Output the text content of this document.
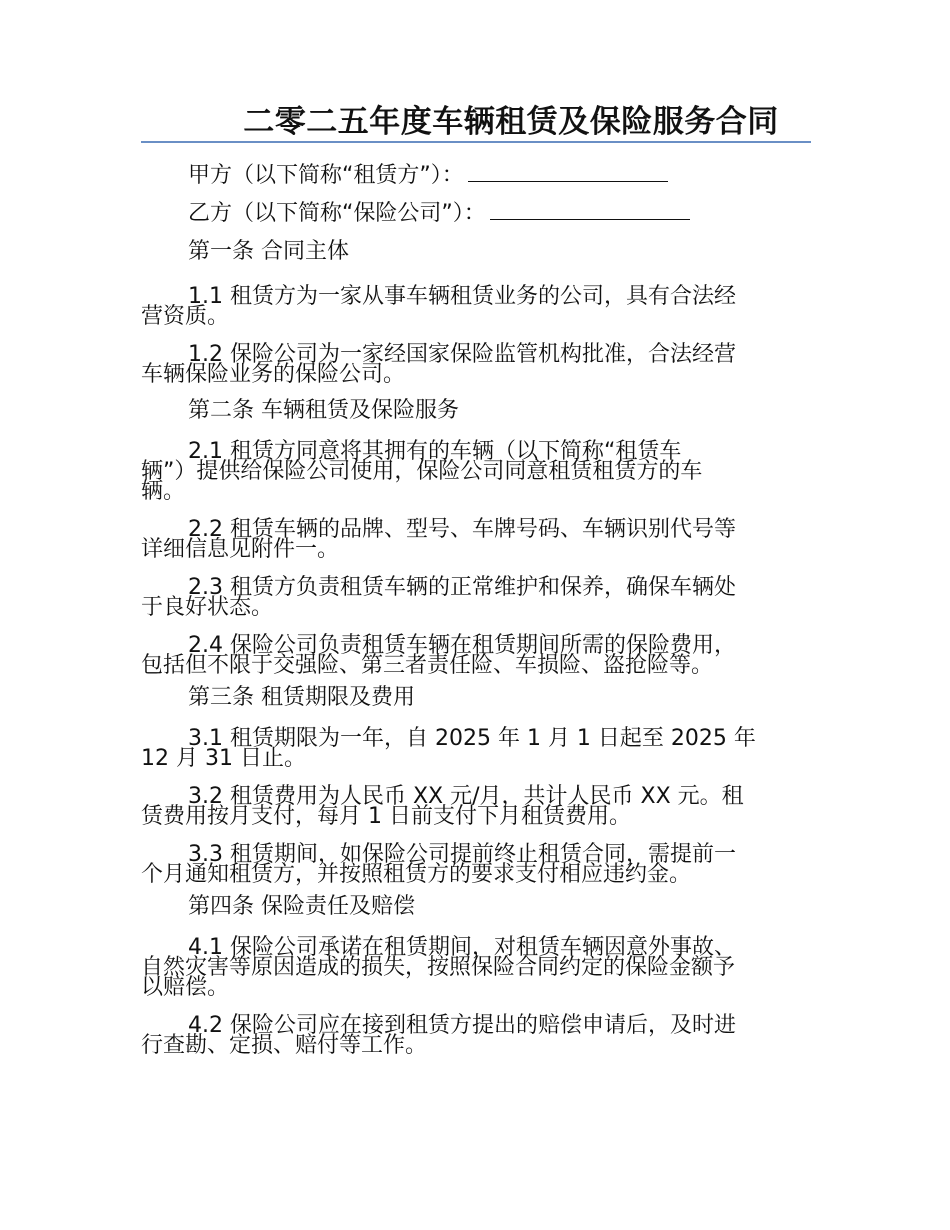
二零二五年度车辆租赁及保险服务合同

甲方（以下简称“租赁方”）：

乙方（以下简称“保险公司”）：

第一条 合同主体

1.1 租赁方为一家从事车辆租赁业务的公司，具有合法经
营资质。
1.2 保险公司为一家经国家保险监管机构批准，合法经营
车辆保险业务的保险公司。

第二条 车辆租赁及保险服务

2.1 租赁方同意将其拥有的车辆（以下简称“租赁车
辆”）提供给保险公司使用，保险公司同意租赁租赁方的车
辆。
2.2 租赁车辆的品牌、型号、车牌号码、车辆识别代号等
详细信息见附件一。
2.3 租赁方负责租赁车辆的正常维护和保养，确保车辆处
于良好状态。
2.4 保险公司负责租赁车辆在租赁期间所需的保险费用，
包括但不限于交强险、第三者责任险、车损险、盗抢险等。

第三条 租赁期限及费用

3.1 租赁期限为一年，自 2025 年 1 月 1 日起至 2025 年
12 月 31 日止。
3.2 租赁费用为人民币 XX 元/月，共计人民币 XX 元。租
赁费用按月支付，每月 1 日前支付下月租赁费用。
3.3 租赁期间，如保险公司提前终止租赁合同，需提前一
个月通知租赁方，并按照租赁方的要求支付相应违约金。

第四条 保险责任及赔偿

4.1 保险公司承诺在租赁期间，对租赁车辆因意外事故、
自然灾害等原因造成的损失，按照保险合同约定的保险金额予
以赔偿。
4.2 保险公司应在接到租赁方提出的赔偿申请后，及时进
行查勘、定损、赔付等工作。
